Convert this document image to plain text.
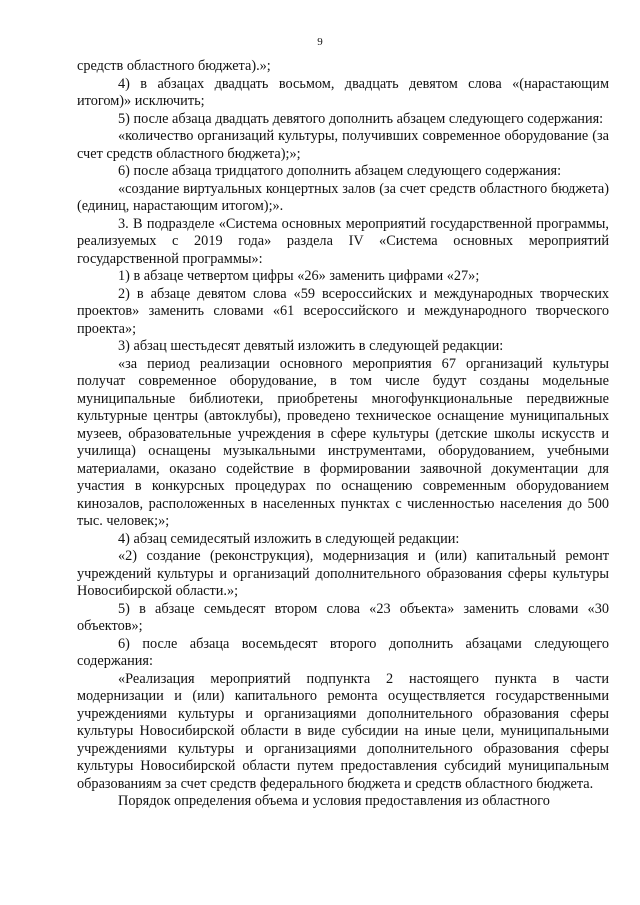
9

средств областного бюджета).»;

4) в абзацах двадцать восьмом, двадцать девятом слова «(нарастающим итогом)» исключить;

5) после абзаца двадцать девятого дополнить абзацем следующего содержания:

«количество организаций культуры, получивших современное оборудование (за счет средств областного бюджета);»;

6) после абзаца тридцатого дополнить абзацем следующего содержания:

«создание виртуальных концертных залов (за счет средств областного бюджета) (единиц, нарастающим итогом);».

3. В подразделе «Система основных мероприятий государственной программы, реализуемых с 2019 года» раздела IV «Система основных мероприятий государственной программы»:

1) в абзаце четвертом цифры «26» заменить цифрами «27»;

2) в абзаце девятом слова «59 всероссийских и международных творческих проектов» заменить словами «61 всероссийского и международного творческого проекта»;

3) абзац шестьдесят девятый изложить в следующей редакции:

«за период реализации основного мероприятия 67 организаций культуры получат современное оборудование, в том числе будут созданы модельные муниципальные библиотеки, приобретены многофункциональные передвижные культурные центры (автоклубы), проведено техническое оснащение муниципальных музеев, образовательные учреждения в сфере культуры (детские школы искусств и училища) оснащены музыкальными инструментами, оборудованием, учебными материалами, оказано содействие в формировании заявочной документации для участия в конкурсных процедурах по оснащению современным оборудованием кинозалов, расположенных в населенных пунктах с численностью населения до 500 тыс. человек;»;

4) абзац семидесятый изложить в следующей редакции:

«2) создание (реконструкция), модернизация и (или) капитальный ремонт учреждений культуры и организаций дополнительного образования сферы культуры Новосибирской области.»;

5) в абзаце семьдесят втором слова «23 объекта» заменить словами «30 объектов»;

6) после абзаца восемьдесят второго дополнить абзацами следующего содержания:

«Реализация мероприятий подпункта 2 настоящего пункта в части модернизации и (или) капитального ремонта осуществляется государственными учреждениями культуры и организациями дополнительного образования сферы культуры Новосибирской области в виде субсидии на иные цели, муниципальными учреждениями культуры и организациями дополнительного образования сферы культуры Новосибирской области путем предоставления субсидий муниципальным образованиям за счет средств федерального бюджета и средств областного бюджета.

Порядок определения объема и условия предоставления из областного
